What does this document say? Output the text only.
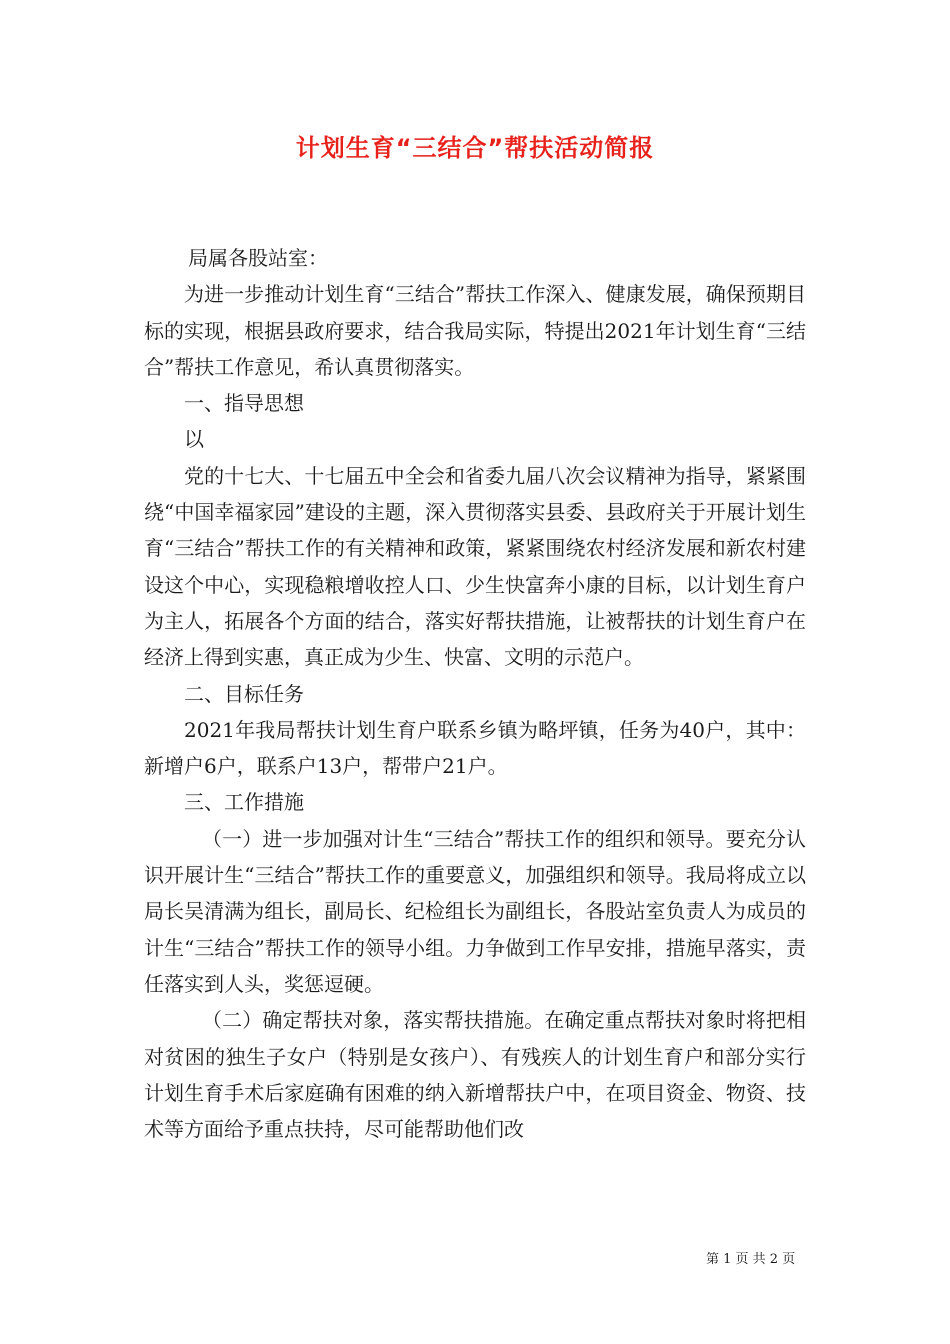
计划生育“三结合”帮扶活动简报

局属各股站室：

为进一步推动计划生育“三结合”帮扶工作深入、健康发展，确保预期目标的实现，根据县政府要求，结合我局实际，特提出2021年计划生育“三结合”帮扶工作意见，希认真贯彻落实。

一、指导思想

以

党的十七大、十七届五中全会和省委九届八次会议精神为指导，紧紧围绕“中国幸福家园”建设的主题，深入贯彻落实县委、县政府关于开展计划生育“三结合”帮扶工作的有关精神和政策，紧紧围绕农村经济发展和新农村建设这个中心，实现稳粮增收控人口、少生快富奔小康的目标，以计划生育户为主人，拓展各个方面的结合，落实好帮扶措施，让被帮扶的计划生育户在经济上得到实惠，真正成为少生、快富、文明的示范户。

二、目标任务

2021年我局帮扶计划生育户联系乡镇为略坪镇，任务为40户，其中：新增户6户，联系户13户，帮带户21户。

三、工作措施

（一）进一步加强对计生“三结合”帮扶工作的组织和领导。要充分认识开展计生“三结合”帮扶工作的重要意义，加强组织和领导。我局将成立以局长吴清满为组长，副局长、纪检组长为副组长，各股站室负责人为成员的计生“三结合”帮扶工作的领导小组。力争做到工作早安排，措施早落实，责任落实到人头，奖惩逗硬。

（二）确定帮扶对象，落实帮扶措施。在确定重点帮扶对象时将把相对贫困的独生子女户（特别是女孩户）、有残疾人的计划生育户和部分实行计划生育手术后家庭确有困难的纳入新增帮扶户中，在项目资金、物资、技术等方面给予重点扶持，尽可能帮助他们改

第 1 页 共 2 页
